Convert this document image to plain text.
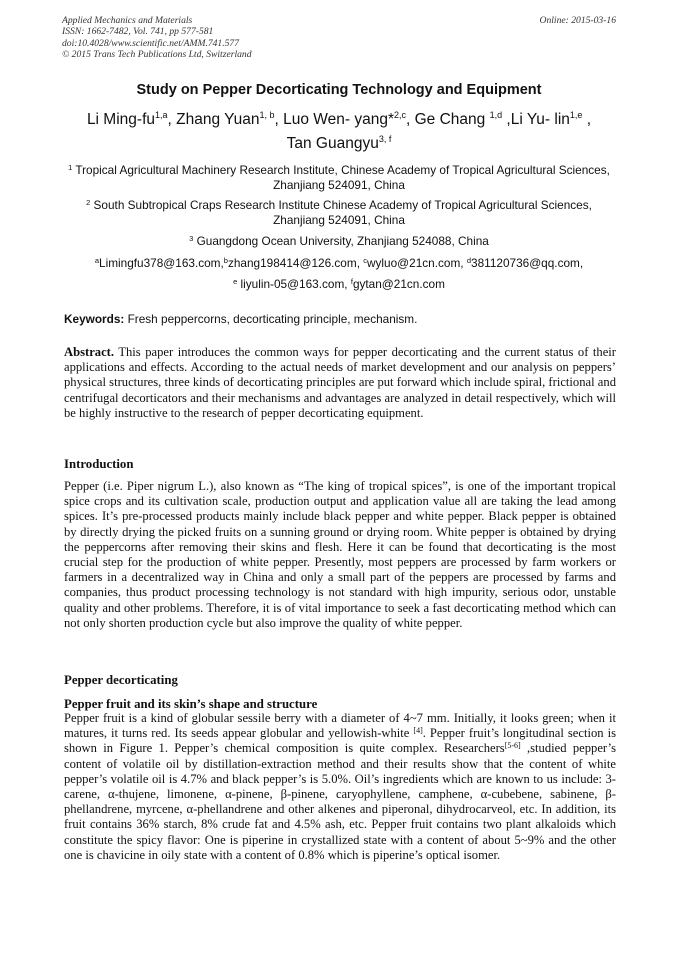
Applied Mechanics and Materials
ISSN: 1662-7482, Vol. 741, pp 577-581
doi:10.4028/www.scientific.net/AMM.741.577
© 2015 Trans Tech Publications Ltd, Switzerland
Online: 2015-03-16
Study on Pepper Decorticating Technology and Equipment
Li Ming-fu$^{1,a}$, Zhang Yuan$^{1, b}$, Luo Wen- yang*$^{2,c}$, Ge Chang $^{1,d}$ ,Li Yu- lin$^{1,e}$ ,
Tan Guangyu$^{3, f}$
$^1$ Tropical Agricultural Machinery Research Institute, Chinese Academy of Tropical Agricultural Sciences, Zhanjiang 524091, China
$^2$ South Subtropical Craps Research Institute Chinese Academy of Tropical Agricultural Sciences, Zhanjiang 524091, China
$^3$ Guangdong Ocean University, Zhanjiang 524088, China
$^a$Limingfu378@163.com,$^b$zhang198414@126.com, $^c$wyluo@21cn.com, $^d$381120736@qq.com,
$^e$ liyulin-05@163.com, $^f$gytan@21cn.com
Keywords: Fresh peppercorns, decorticating principle, mechanism.
Abstract. This paper introduces the common ways for pepper decorticating and the current status of their applications and effects. According to the actual needs of market development and our analysis on peppers’ physical structures, three kinds of decorticating principles are put forward which include spiral, frictional and centrifugal decorticators and their mechanisms and advantages are analyzed in detail respectively, which will be highly instructive to the research of pepper decorticating equipment.
Introduction
Pepper (i.e. Piper nigrum L.), also known as “The king of tropical spices”, is one of the important tropical spice crops and its cultivation scale, production output and application value all are taking the lead among spices. It’s pre-processed products mainly include black pepper and white pepper. Black pepper is obtained by directly drying the picked fruits on a sunning ground or drying room. White pepper is obtained by drying the peppercorns after removing their skins and flesh. Here it can be found that decorticating is the most crucial step for the production of white pepper. Presently, most peppers are processed by farm workers or farmers in a decentralized way in China and only a small part of the peppers are processed by farms and companies, thus product processing technology is not standard with high impurity, serious odor, unstable quality and other problems. Therefore, it is of vital importance to seek a fast decorticating method which can not only shorten production cycle but also improve the quality of white pepper.
Pepper decorticating
Pepper fruit and its skin’s shape and structure
Pepper fruit is a kind of globular sessile berry with a diameter of 4~7 mm. Initially, it looks green; when it matures, it turns red. Its seeds appear globular and yellowish-white [4]. Pepper fruit’s longitudinal section is shown in Figure 1. Pepper’s chemical composition is quite complex. Researchers[5-6] ,studied pepper’s content of volatile oil by distillation-extraction method and their results show that the content of white pepper’s volatile oil is 4.7% and black pepper’s is 5.0%. Oil’s ingredients which are known to us include: 3-carene, α-thujene, limonene, α-pinene, β-pinene, caryophyllene, camphene, α-cubebene, sabinene, β-phellandrene, myrcene, α-phellandrene and other alkenes and piperonal, dihydrocarveol, etc. In addition, its fruit contains 36% starch, 8% crude fat and 4.5% ash, etc. Pepper fruit contains two plant alkaloids which constitute the spicy flavor: One is piperine in crystallized state with a content of about 5~9% and the other one is chavicine in oily state with a content of 0.8% which is piperine’s optical isomer.
